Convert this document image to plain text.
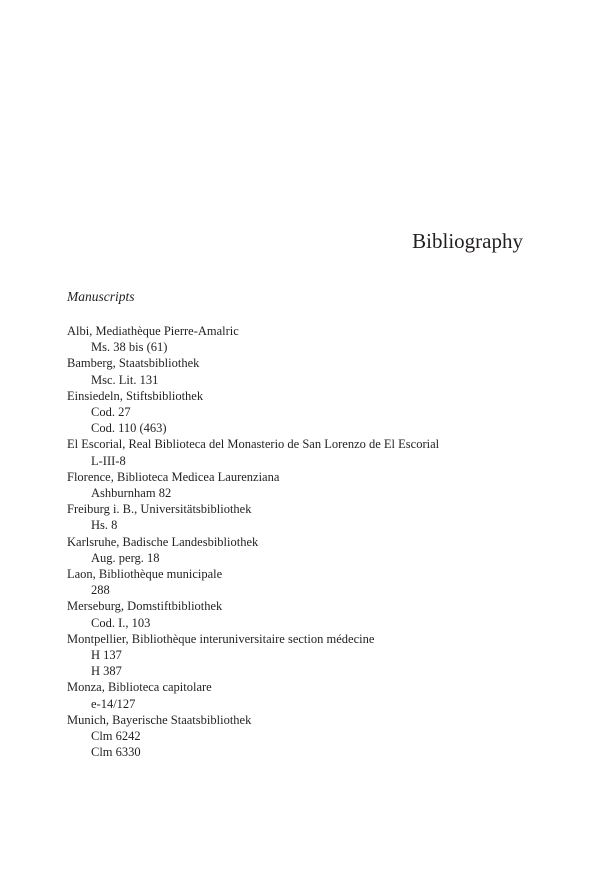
Bibliography
Manuscripts
Albi, Mediathèque Pierre-Amalric
Ms. 38 bis (61)
Bamberg, Staatsbibliothek
Msc. Lit. 131
Einsiedeln, Stiftsbibliothek
Cod. 27
Cod. 110 (463)
El Escorial, Real Biblioteca del Monasterio de San Lorenzo de El Escorial
L-III-8
Florence, Biblioteca Medicea Laurenziana
Ashburnham 82
Freiburg i. B., Universitätsbibliothek
Hs. 8
Karlsruhe, Badische Landesbibliothek
Aug. perg. 18
Laon, Bibliothèque municipale
288
Merseburg, Domstiftbibliothek
Cod. I., 103
Montpellier, Bibliothèque interuniversitaire section médecine
H 137
H 387
Monza, Biblioteca capitolare
e-14/127
Munich, Bayerische Staatsbibliothek
Clm 6242
Clm 6330
